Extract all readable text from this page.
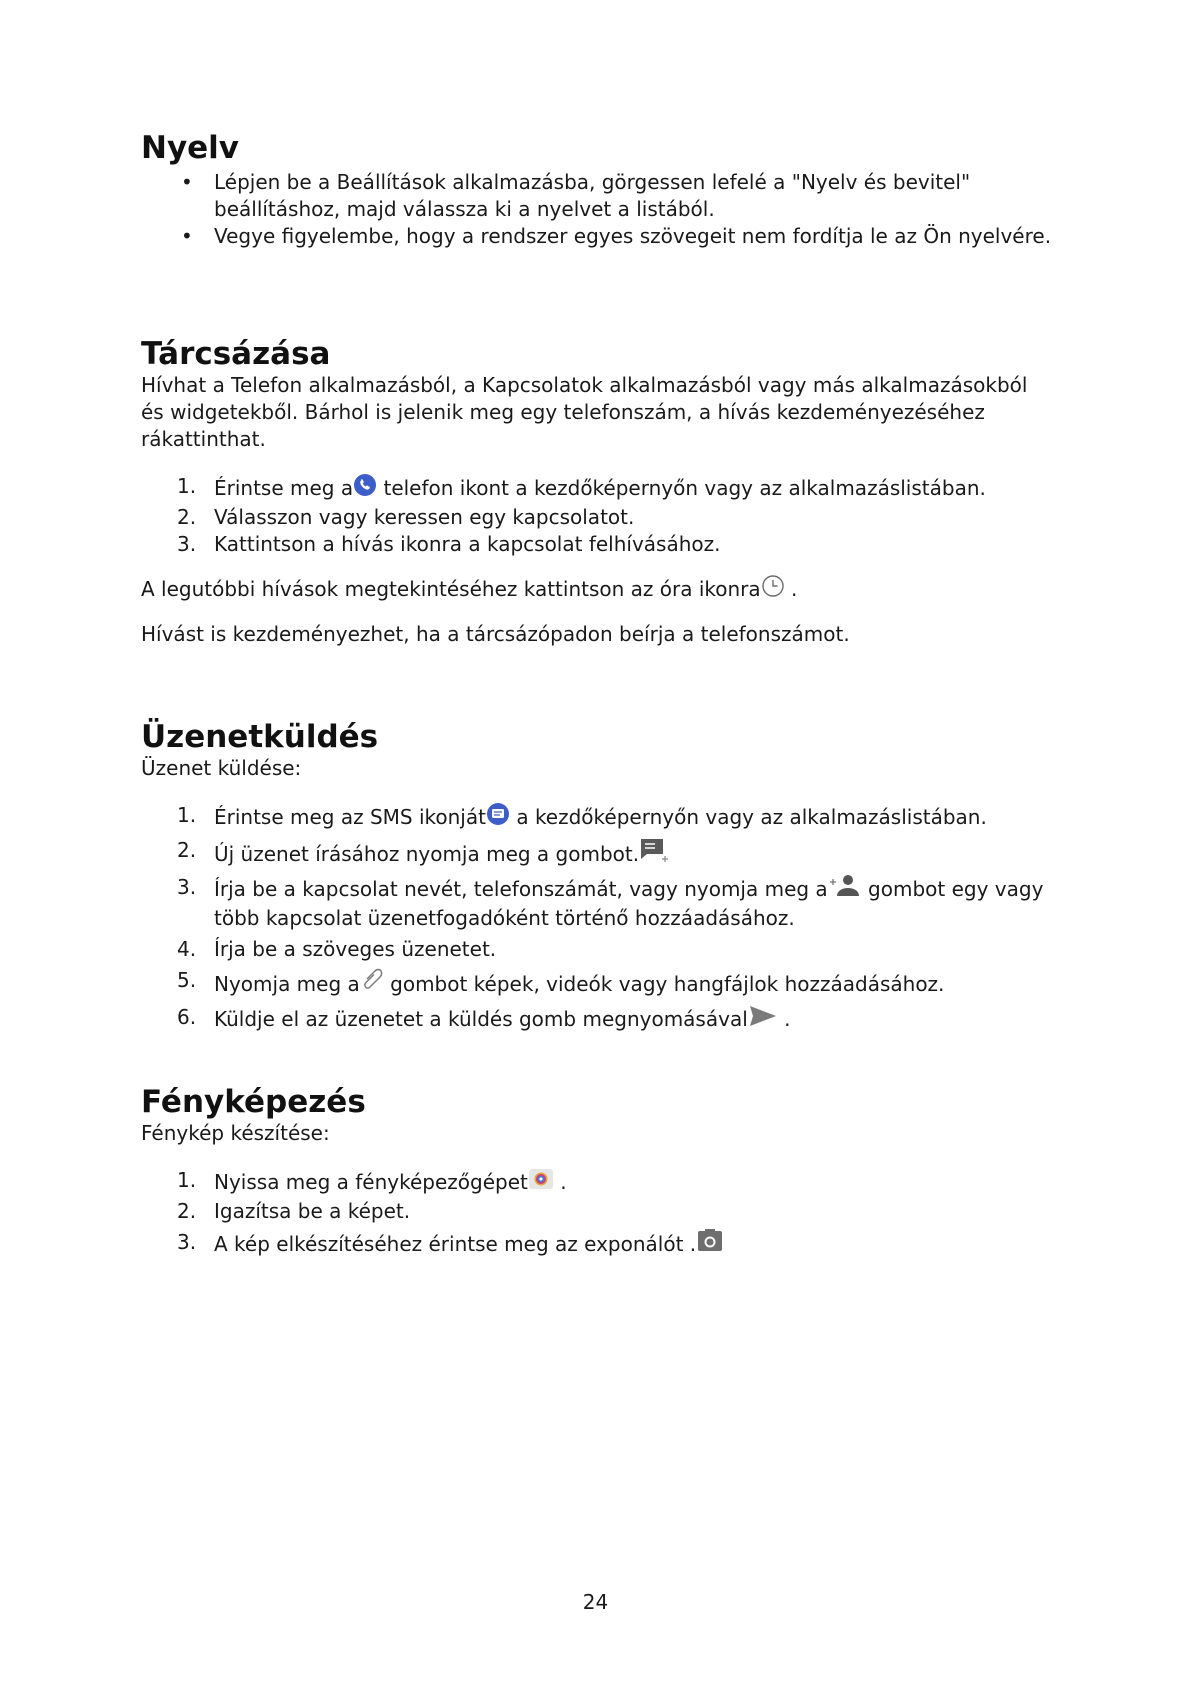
Nyelv
• Lépjen be a Beállítások alkalmazásba, görgessen lefelé a "Nyelv és bevitel" beállításhoz, majd válassza ki a nyelvet a listából.
• Vegye figyelembe, hogy a rendszer egyes szövegeit nem fordítja le az Ön nyelvére.
Tárcsázása

Hívhat a Telefon alkalmazásból, a Kapcsolatok alkalmazásból vagy más alkalmazásokból és widgetekből. Bárhol is jelenik meg egy telefonszám, a hívás kezdeményezéséhez rákattinthat.

1. Érintse meg a telefon ikont a kezdőképernyőn vagy az alkalmazáslistában.
2. Válasszon vagy keressen egy kapcsolatot.
3. Kattintson a hívás ikonra a kapcsolat felhívásához.

A legutóbbi hívások megtekintéséhez kattintson az óra ikonra .

Hívást is kezdeményezhet, ha a tárcsázópadon beírja a telefonszámot.

Üzenetküldés

Üzenet küldése:

1. Érintse meg az SMS ikonját a kezdőképernyőn vagy az alkalmazáslistában.
2. Új üzenet írásához nyomja meg a gombot.
3. Írja be a kapcsolat nevét, telefonszámát, vagy nyomja meg a gombot egy vagy több kapcsolat üzenetfogadóként történő hozzáadásához.
4. Írja be a szöveges üzenetet.
5. Nyomja meg a gombot képek, videók vagy hangfájlok hozzáadásához.
6. Küldje el az üzenetet a küldés gomb megnyomásával .
Fényképezés

Fénykép készítése:

1. Nyissa meg a fényképezőgépet .
2. Igazítsa be a képet.
3. A kép elkészítéséhez érintse meg az exponálót .
24
